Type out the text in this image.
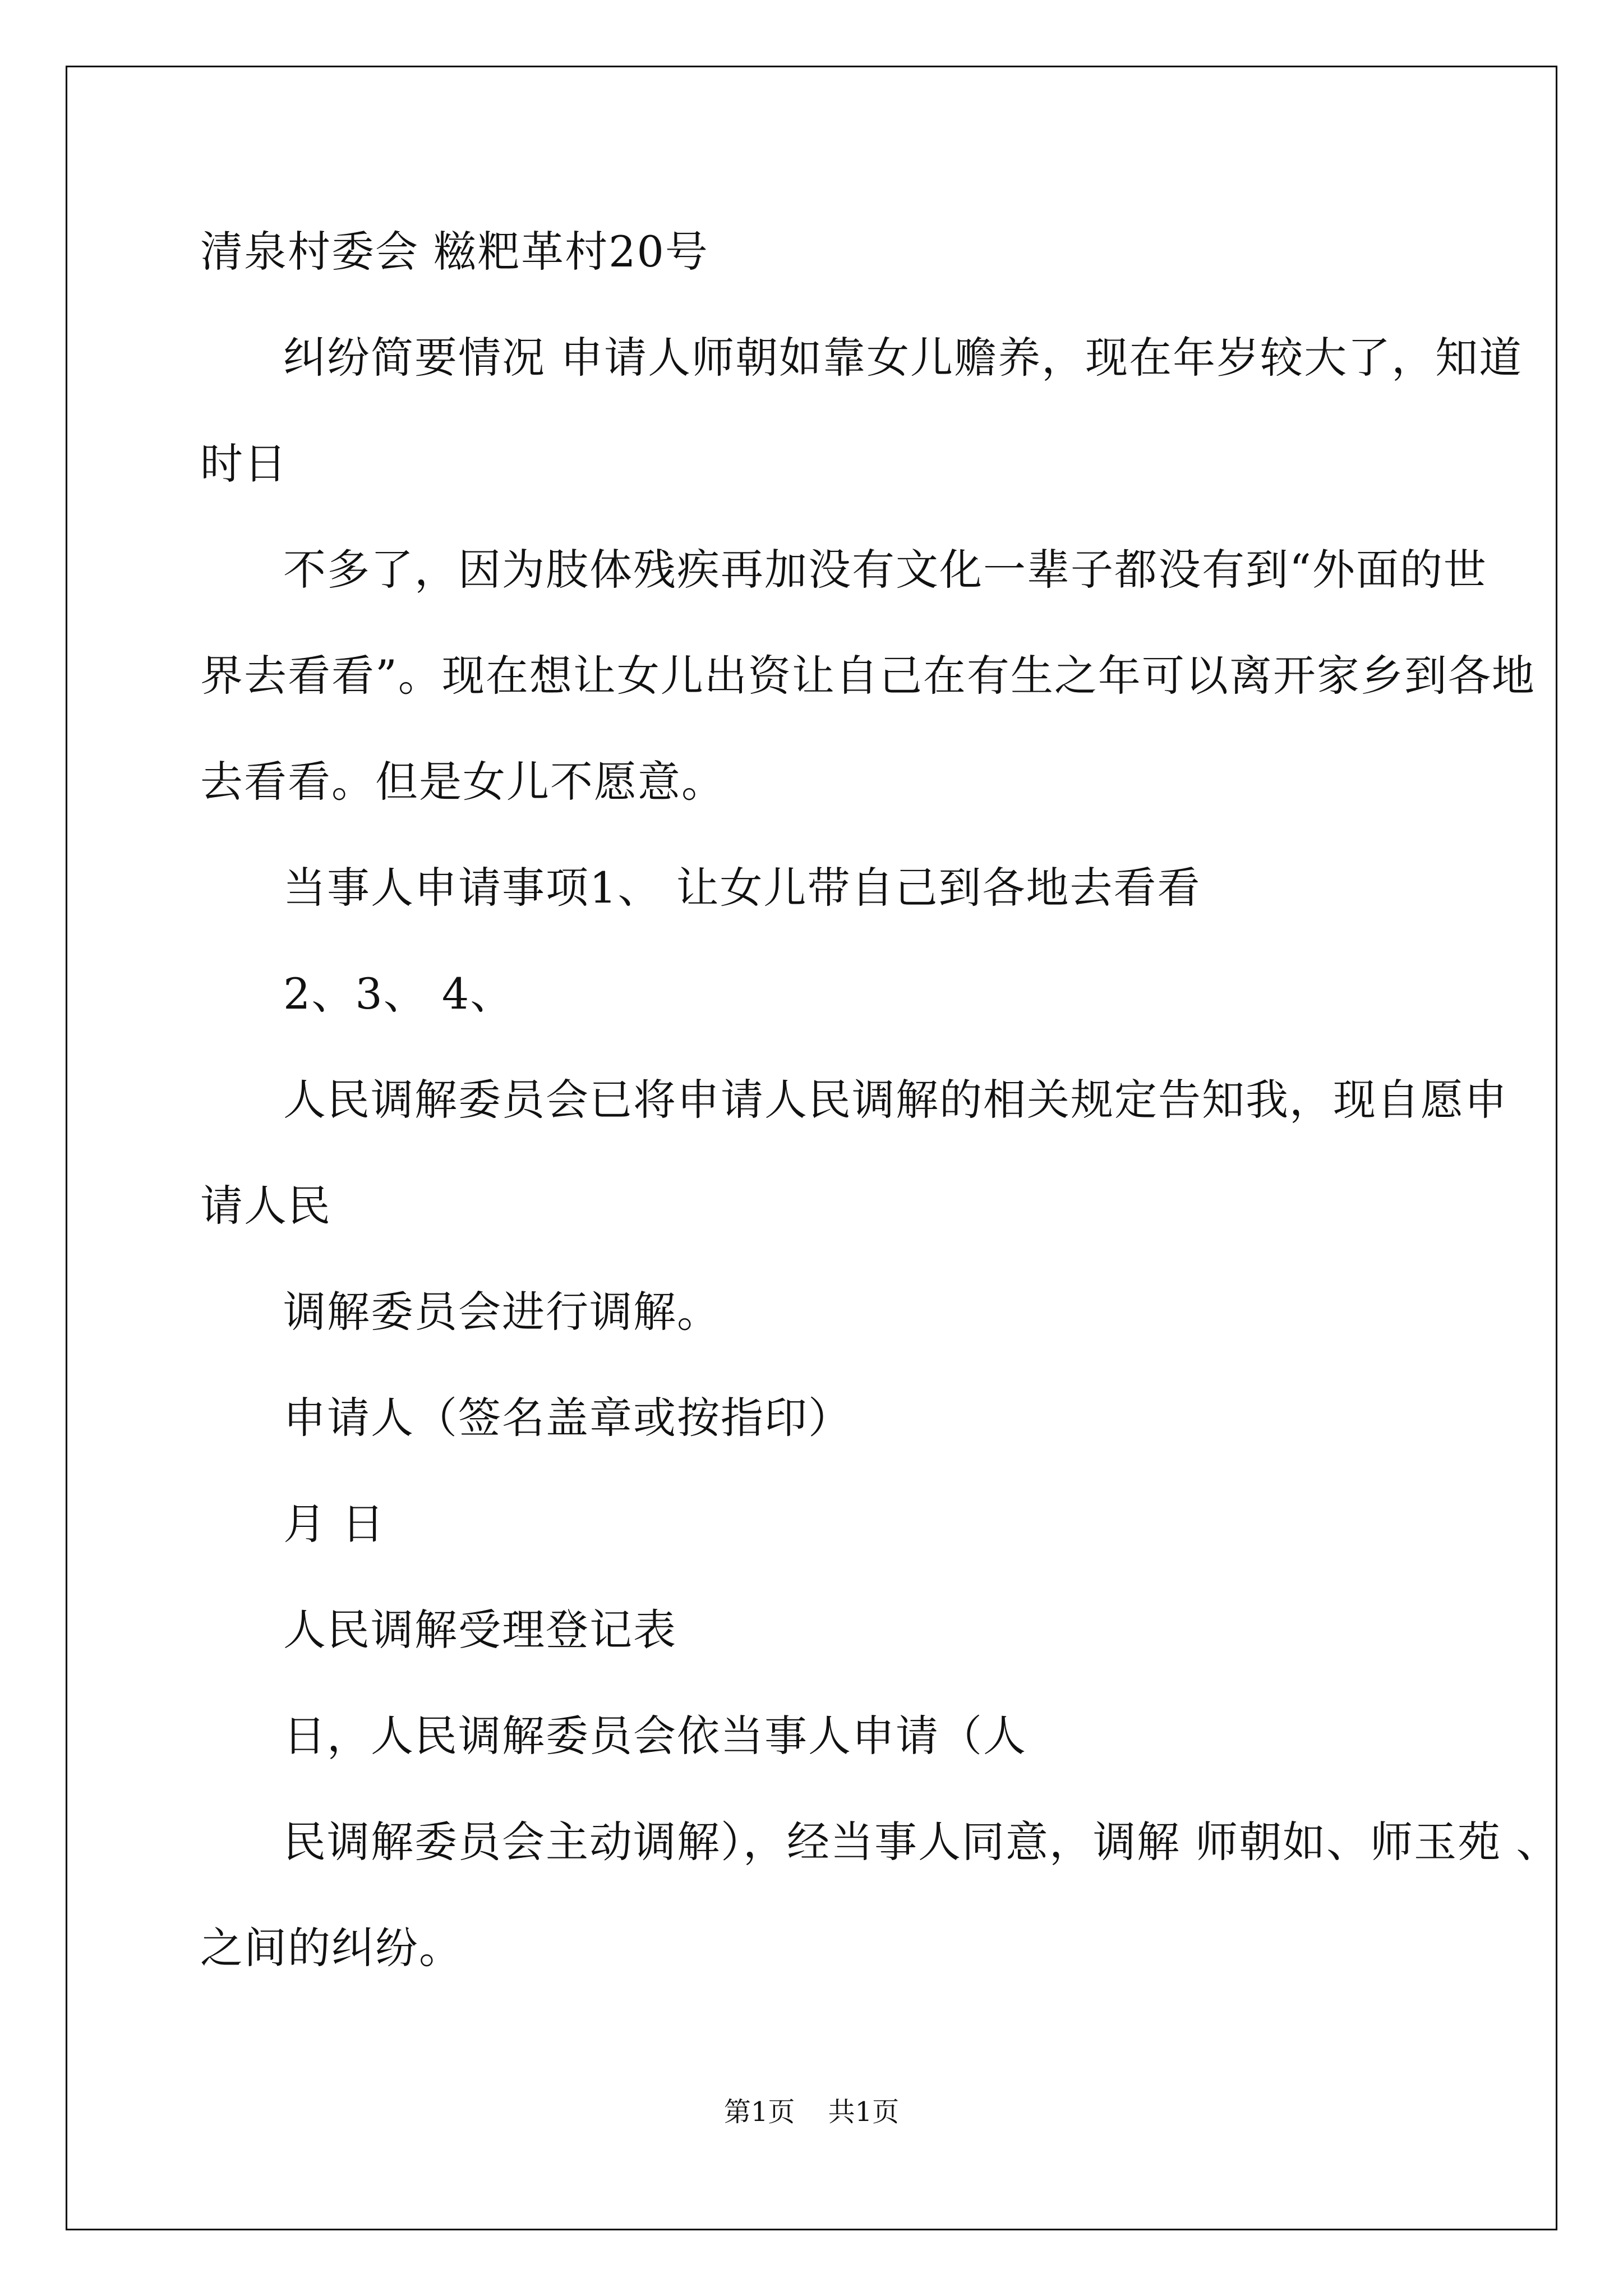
清泉村委会 糍粑革村20号
纠纷简要情况 申请人师朝如靠女儿赡养，现在年岁较大了，知道
时日
不多了，因为肢体残疾再加没有文化一辈子都没有到“外面的世
界去看看”。现在想让女儿出资让自己在有生之年可以离开家乡到各地
去看看。但是女儿不愿意。
当事人申请事项1、 让女儿带自己到各地去看看
2、3、 4、
人民调解委员会已将申请人民调解的相关规定告知我，现自愿申
请人民
调解委员会进行调解。
申请人（签名盖章或按指印）
月 日
人民调解受理登记表
日，人民调解委员会依当事人申请（人
民调解委员会主动调解），经当事人同意，调解 师朝如、师玉苑 、
之间的纠纷。
第1页 共1页
